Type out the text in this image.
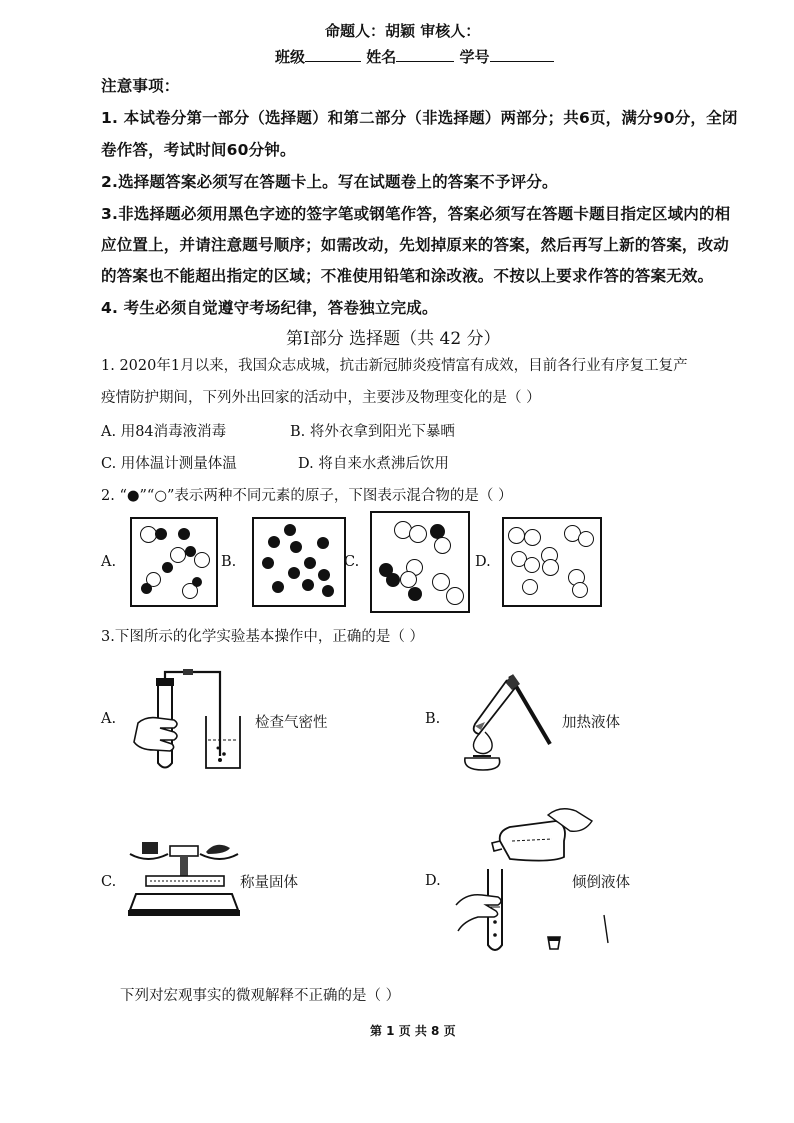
命题人：胡颖 审核人：
班级	姓名	学号
注意事项：
1. 本试卷分第一部分（选择题）和第二部分（非选择题）两部分；共6页，满分90分，全闭
卷作答，考试时间60分钟。
2.选择题答案必须写在答题卡上。写在试题卷上的答案不予评分。
3.非选择题必须用黑色字迹的签字笔或钢笔作答，答案必须写在答题卡题目指定区域内的相
应位置上，并请注意题号顺序；如需改动，先划掉原来的答案，然后再写上新的答案，改动
的答案也不能超出指定的区域；不准使用铅笔和涂改液。不按以上要求作答的答案无效。
4. 考生必须自觉遵守考场纪律，答卷独立完成。
第Ⅰ部分 选择题（共 42 分）
1. 2020年1月以来，我国众志成城，抗击新冠肺炎疫情富有成效，目前各行业有序复工复产
疫情防护期间，下列外出回家的活动中，主要涉及物理变化的是（ ）
A. 用84消毒液消毒	B. 将外衣拿到阳光下暴晒
C. 用体温计测量体温	D. 将自来水煮沸后饮用
2. “●”“○”表示两种不同元素的原子，下图表示混合物的是（ ）
A.	B.	C.	D.
3.下图所示的化学实验基本操作中，正确的是（ ）
A.	检查气密性	B.	加热液体
C.	称量固体	D.	倾倒液体
下列对宏观事实的微观解释不正确的是（ ）
第 1 页 共 8 页
